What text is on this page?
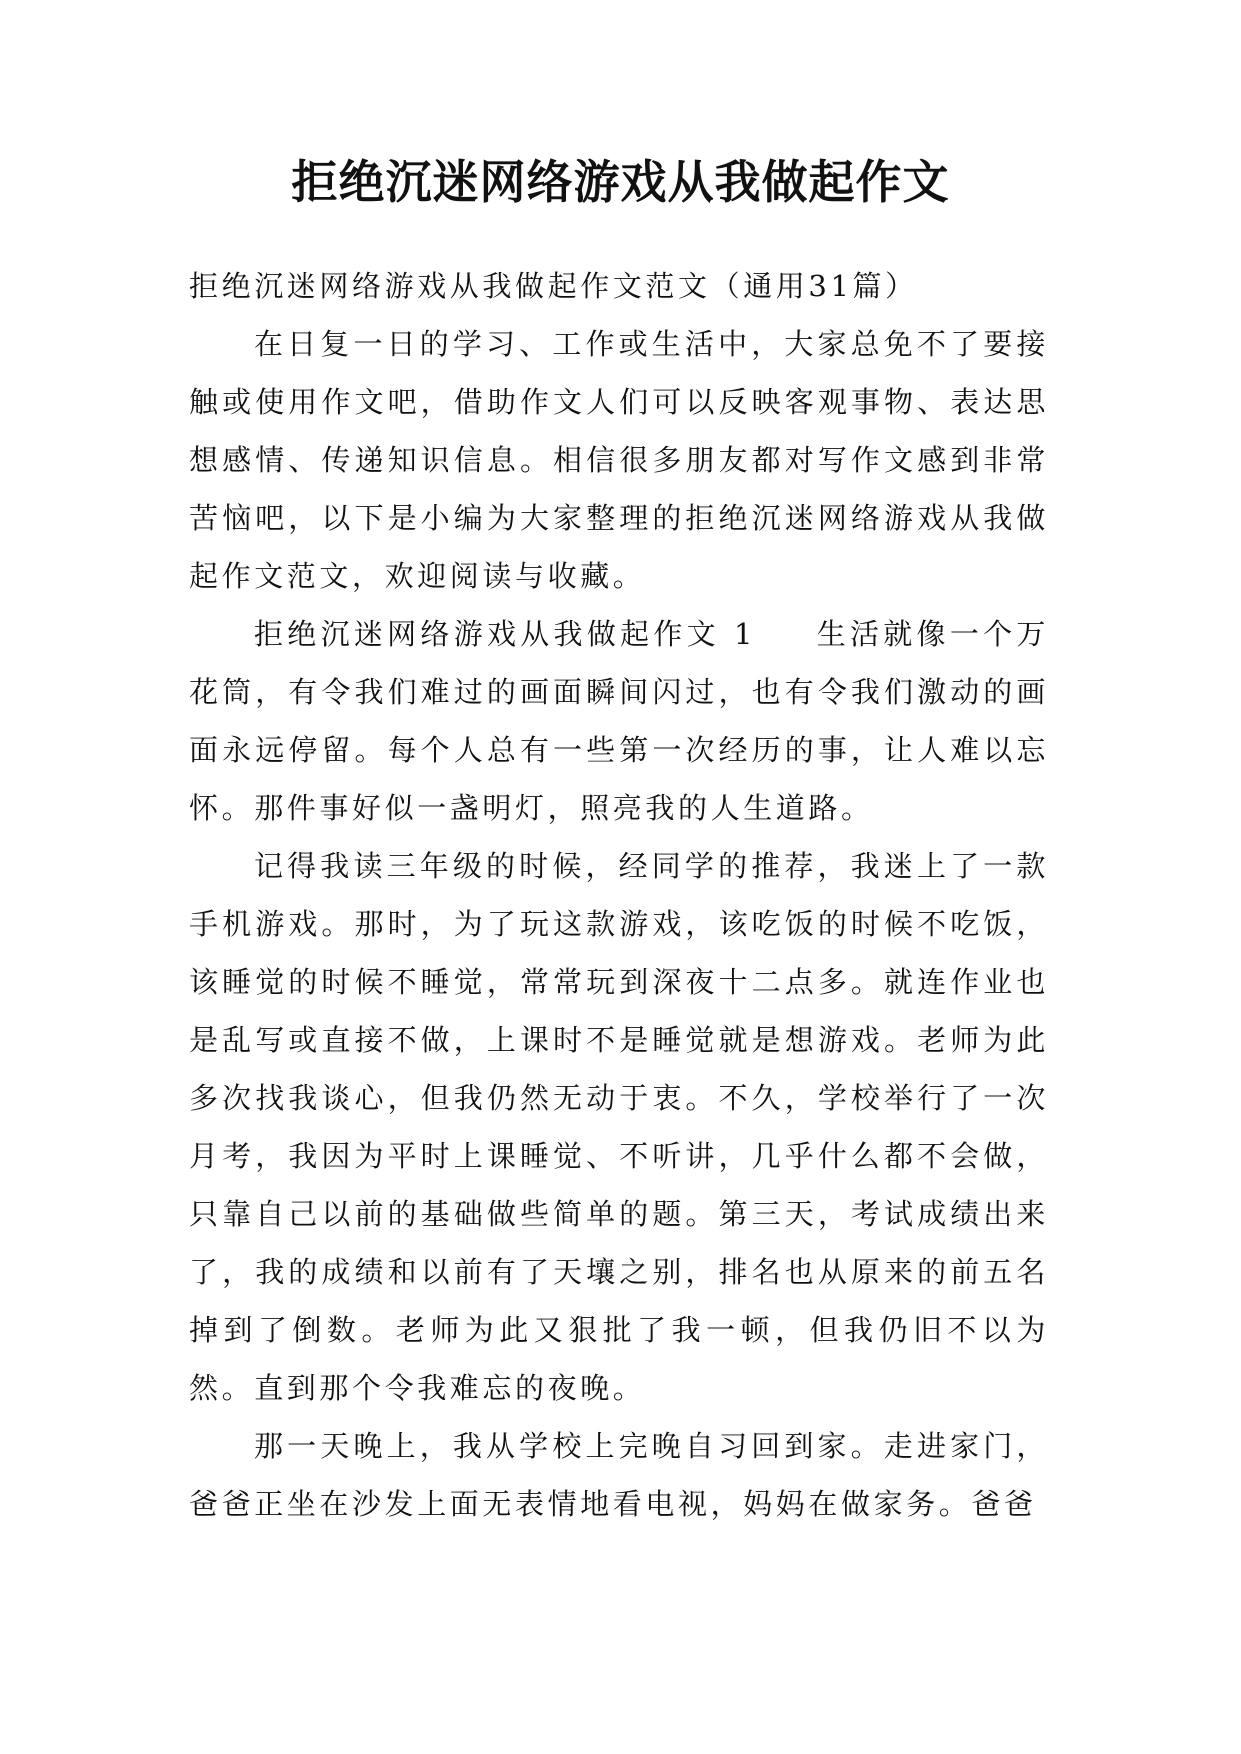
拒绝沉迷网络游戏从我做起作文

拒绝沉迷网络游戏从我做起作文范文（通用31篇）

在日复一日的学习、工作或生活中，大家总免不了要接触或使用作文吧，借助作文人们可以反映客观事物、表达思想感情、传递知识信息。相信很多朋友都对写作文感到非常苦恼吧，以下是小编为大家整理的拒绝沉迷网络游戏从我做起作文范文，欢迎阅读与收藏。

拒绝沉迷网络游戏从我做起作文 1 生活就像一个万花筒，有令我们难过的画面瞬间闪过，也有令我们激动的画面永远停留。每个人总有一些第一次经历的事，让人难以忘怀。那件事好似一盏明灯，照亮我的人生道路。

记得我读三年级的时候，经同学的推荐，我迷上了一款手机游戏。那时，为了玩这款游戏，该吃饭的时候不吃饭，该睡觉的时候不睡觉，常常玩到深夜十二点多。就连作业也是乱写或直接不做，上课时不是睡觉就是想游戏。老师为此多次找我谈心，但我仍然无动于衷。不久，学校举行了一次月考，我因为平时上课睡觉、不听讲，几乎什么都不会做，只靠自己以前的基础做些简单的题。第三天，考试成绩出来了，我的成绩和以前有了天壤之别，排名也从原来的前五名掉到了倒数。老师为此又狠批了我一顿，但我仍旧不以为然。直到那个令我难忘的夜晚。

那一天晚上，我从学校上完晚自习回到家。走进家门，爸爸正坐在沙发上面无表情地看电视，妈妈在做家务。爸爸
